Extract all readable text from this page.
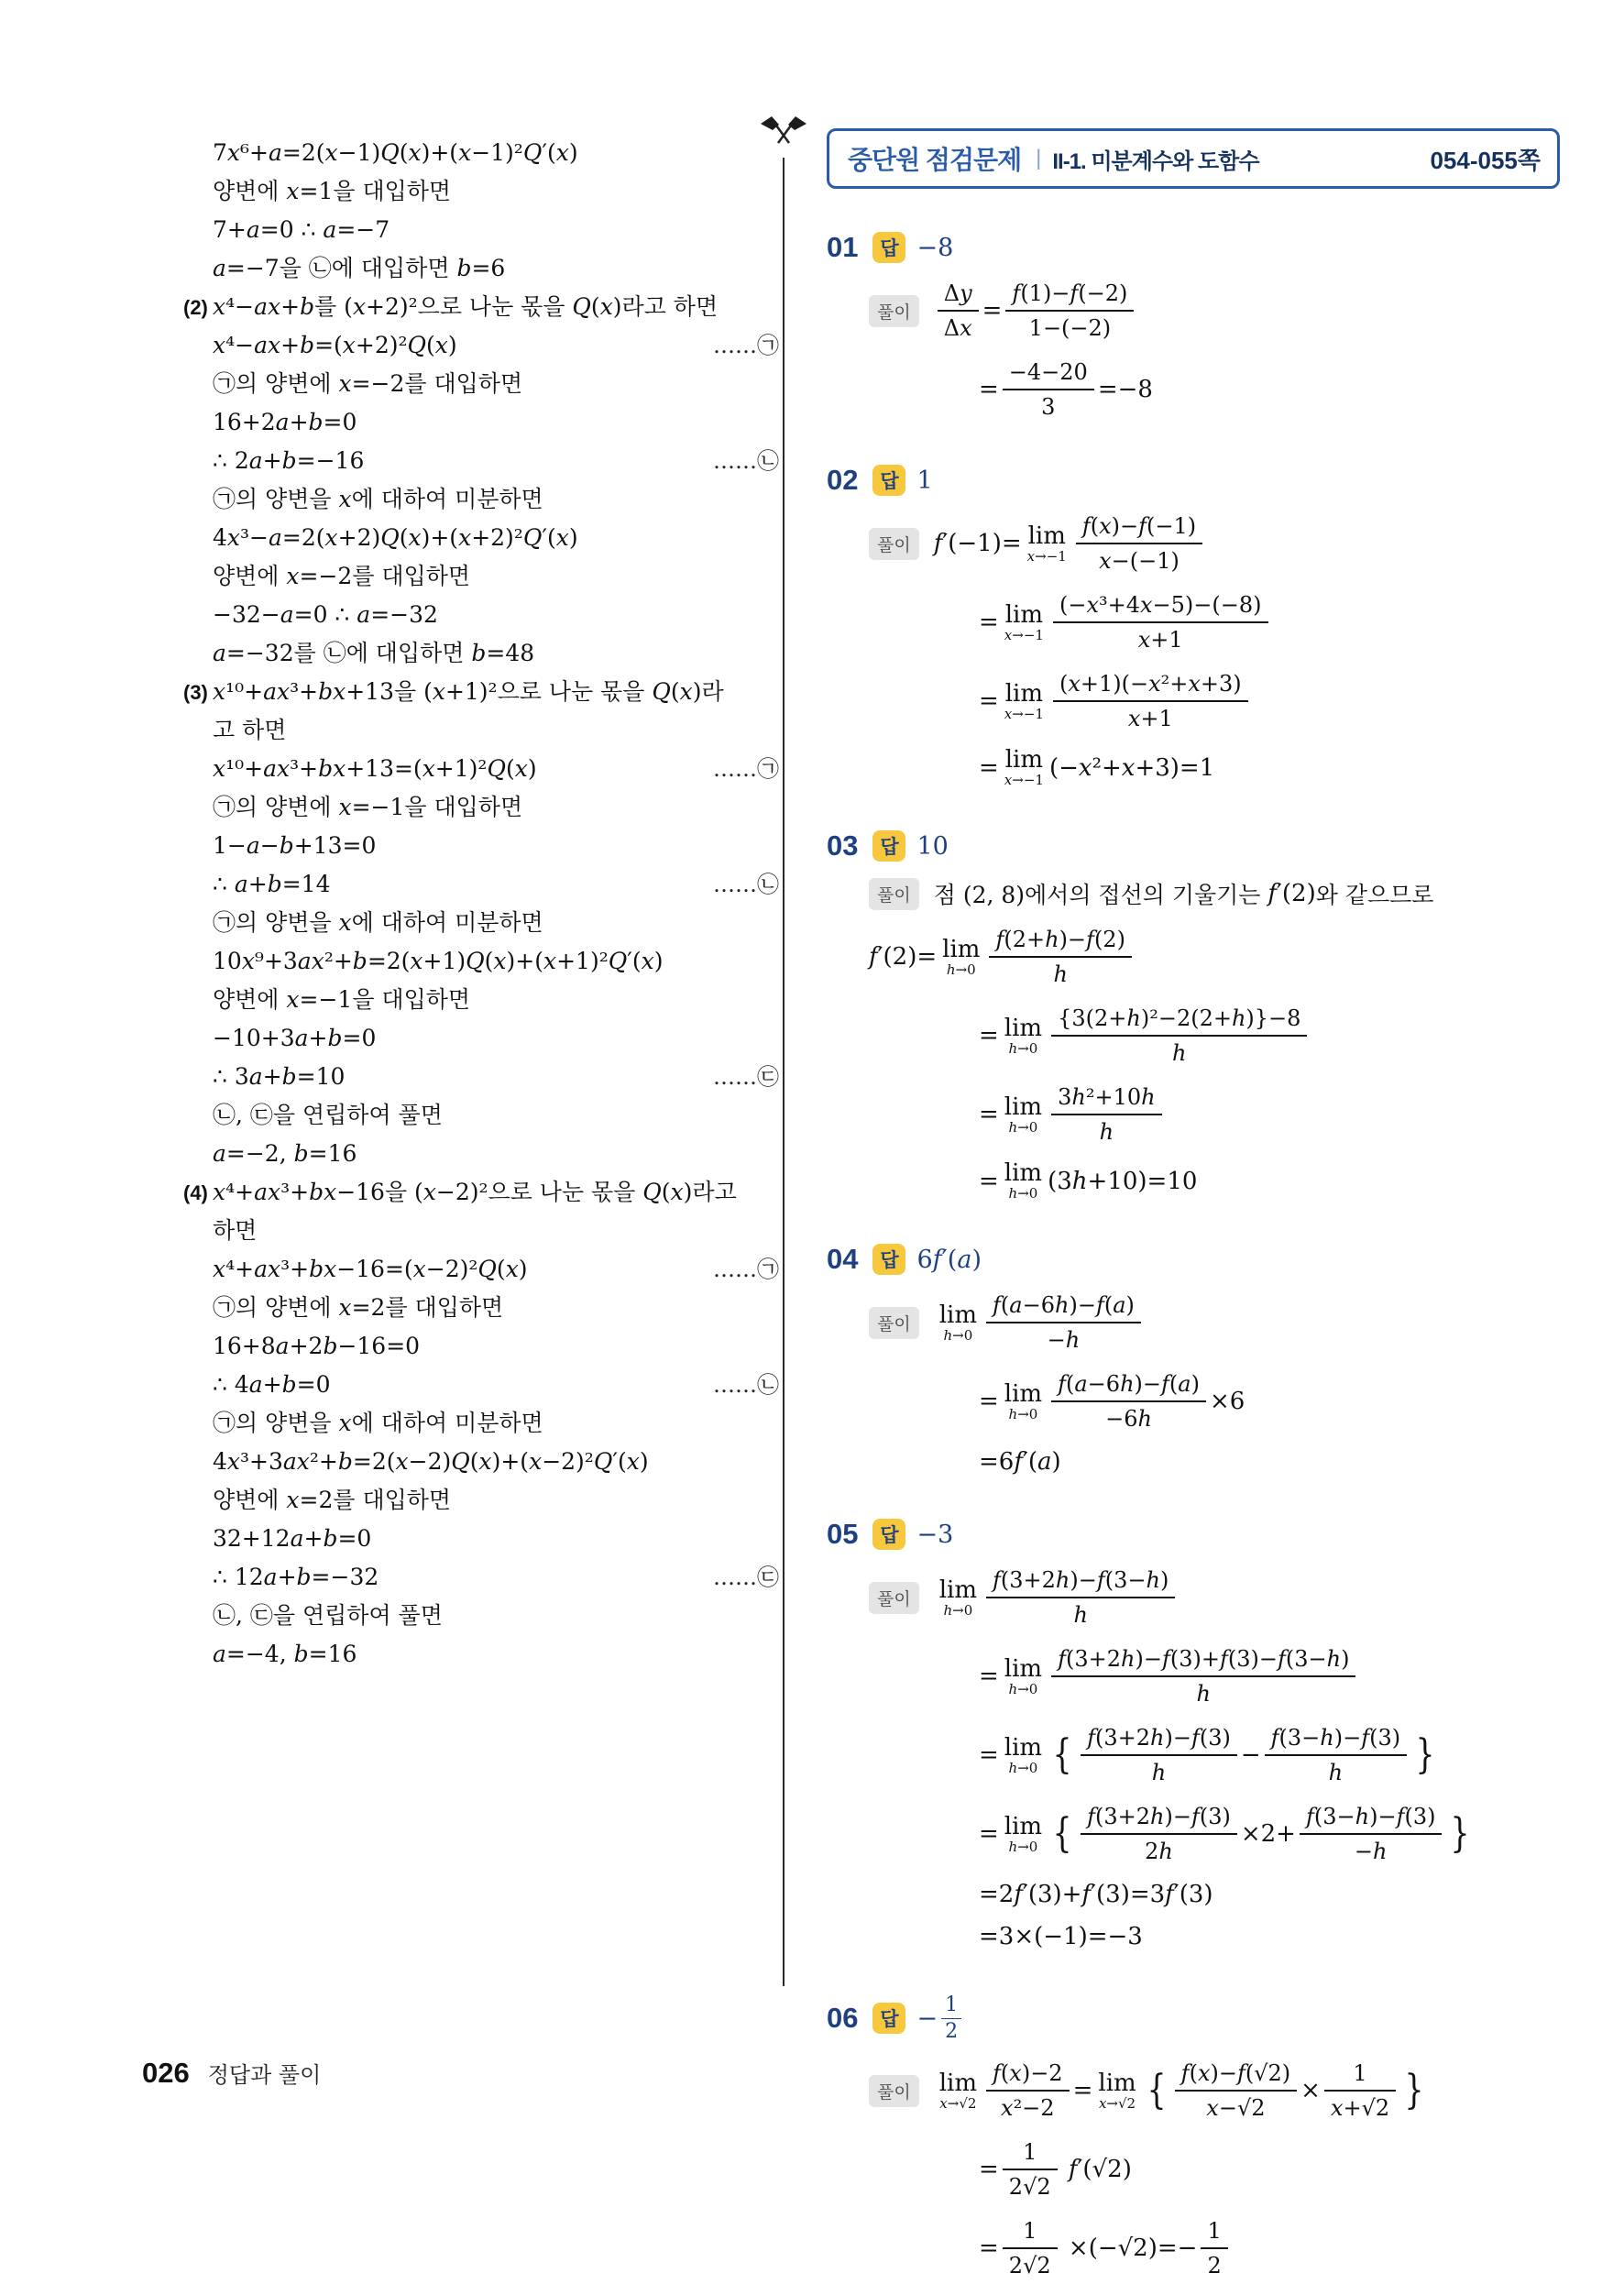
7x⁶+a=2(x−1)Q(x)+(x−1)²Q′(x)
양변에 x=1을 대입하면
7+a=0 ∴ a=−7
a=−7을 ㉡에 대입하면 b=6
(2) x⁴−ax+b를 (x+2)²으로 나눈 몫을 Q(x)라고 하면
x⁴−ax+b=(x+2)²Q(x)	……㉠
㉠의 양변에 x=−2를 대입하면
16+2a+b=0
∴ 2a+b=−16	……㉡
㉠의 양변을 x에 대하여 미분하면
4x³−a=2(x+2)Q(x)+(x+2)²Q′(x)
양변에 x=−2를 대입하면
−32−a=0 ∴ a=−32
a=−32를 ㉡에 대입하면 b=48
(3) x¹⁰+ax³+bx+13을 (x+1)²으로 나눈 몫을 Q(x)라
고 하면
x¹⁰+ax³+bx+13=(x+1)²Q(x)	……㉠
㉠의 양변에 x=−1을 대입하면
1−a−b+13=0
∴ a+b=14	……㉡
㉠의 양변을 x에 대하여 미분하면
10x⁹+3ax²+b=2(x+1)Q(x)+(x+1)²Q′(x)
양변에 x=−1을 대입하면
−10+3a+b=0
∴ 3a+b=10	……㉢
㉡, ㉢을 연립하여 풀면
a=−2, b=16
(4) x⁴+ax³+bx−16을 (x−2)²으로 나눈 몫을 Q(x)라고
하면
x⁴+ax³+bx−16=(x−2)²Q(x)	……㉠
㉠의 양변에 x=2를 대입하면
16+8a+2b−16=0
∴ 4a+b=0	……㉡
㉠의 양변을 x에 대하여 미분하면
4x³+3ax²+b=2(x−2)Q(x)+(x−2)²Q′(x)
양변에 x=2를 대입하면
32+12a+b=0
∴ 12a+b=−32	……㉢
㉡, ㉢을 연립하여 풀면
a=−4, b=16
중단원 점검문제 | II-1. 미분계수와 도함수	054-055쪽
01	답 −8
풀이	$\frac{\Delta y}{\Delta x} = \frac{f(1)-f(-2)}{1-(-2)}$
= $\frac{-4-20}{3} =-8$
02	답 1
풀이 f′(−1)= lim
$x\to-1 \frac{f(x)-f(-1)}{x-(-1)}$
= lim
$x\to-1 \frac{\text{(−x³+4x−5)−(−8)}}{x+1}$
= lim
$x\to-1 \frac{\text{(x+1)(−x²+x+3)}}{x+1}$
= lim
x→−1 (−x²+x+3)=1
03	답 10
풀이	점 (2, 8)에서의 접선의 기울기는 f′(2) 와 같으므로
f′(2)= lim
$h\to 0 \frac{f(2+h)-f(2)}{h}$
= lim
$h\to 0 \frac{\text{\{3(2+h)²−2(2+h)\}−8}}{h}$
= lim
$h\to 0 \frac{\text{3h²+10h}}{h}$
= lim
h→0 (3h+10)=10
04	답 6f′(a)
풀이	lim
$h\to 0 \frac{f(a-6h)-f(a)}{-h}$
= lim
$h\to 0 \frac{f(a-6h)-f(a)}{-6h} \times 6$
=6f′(a)
05	답 −3
풀이	lim
$h\to 0 \frac{f(3+2h)-f(3-h)}{h}$
= lim
$h\to 0 \frac{f(3+2h)-f(3)+f(3)-f(3-h)}{h}$
= lim
h→0 { $\frac{f(3+2h)-f(3)}{h} - \frac{f(3-h)-f(3)}{h}$ }
= lim
h→0 { $\frac{f(3+2h)-f(3)}{2h} \times 2+ \frac{f(3-h)-f(3)}{-h}$ }
=2f′(3)+f′(3)=3f′(3)
=3×(−1)=−3
06	답 − $\frac{1}{2}$
풀이	lim
$x\to√2 \frac{f(x)-2}{\text{x²−2}} = \lim$
x→√2 { $\frac{f(x)-f(√2)}{x-√2} \times \frac{1}{x+√2}$ }
= $\frac{1}{2√2} f'(√2)$
= $\frac{1}{2√2} \times(-√2)=- \frac{1}{2}$
026 정답과 풀이
